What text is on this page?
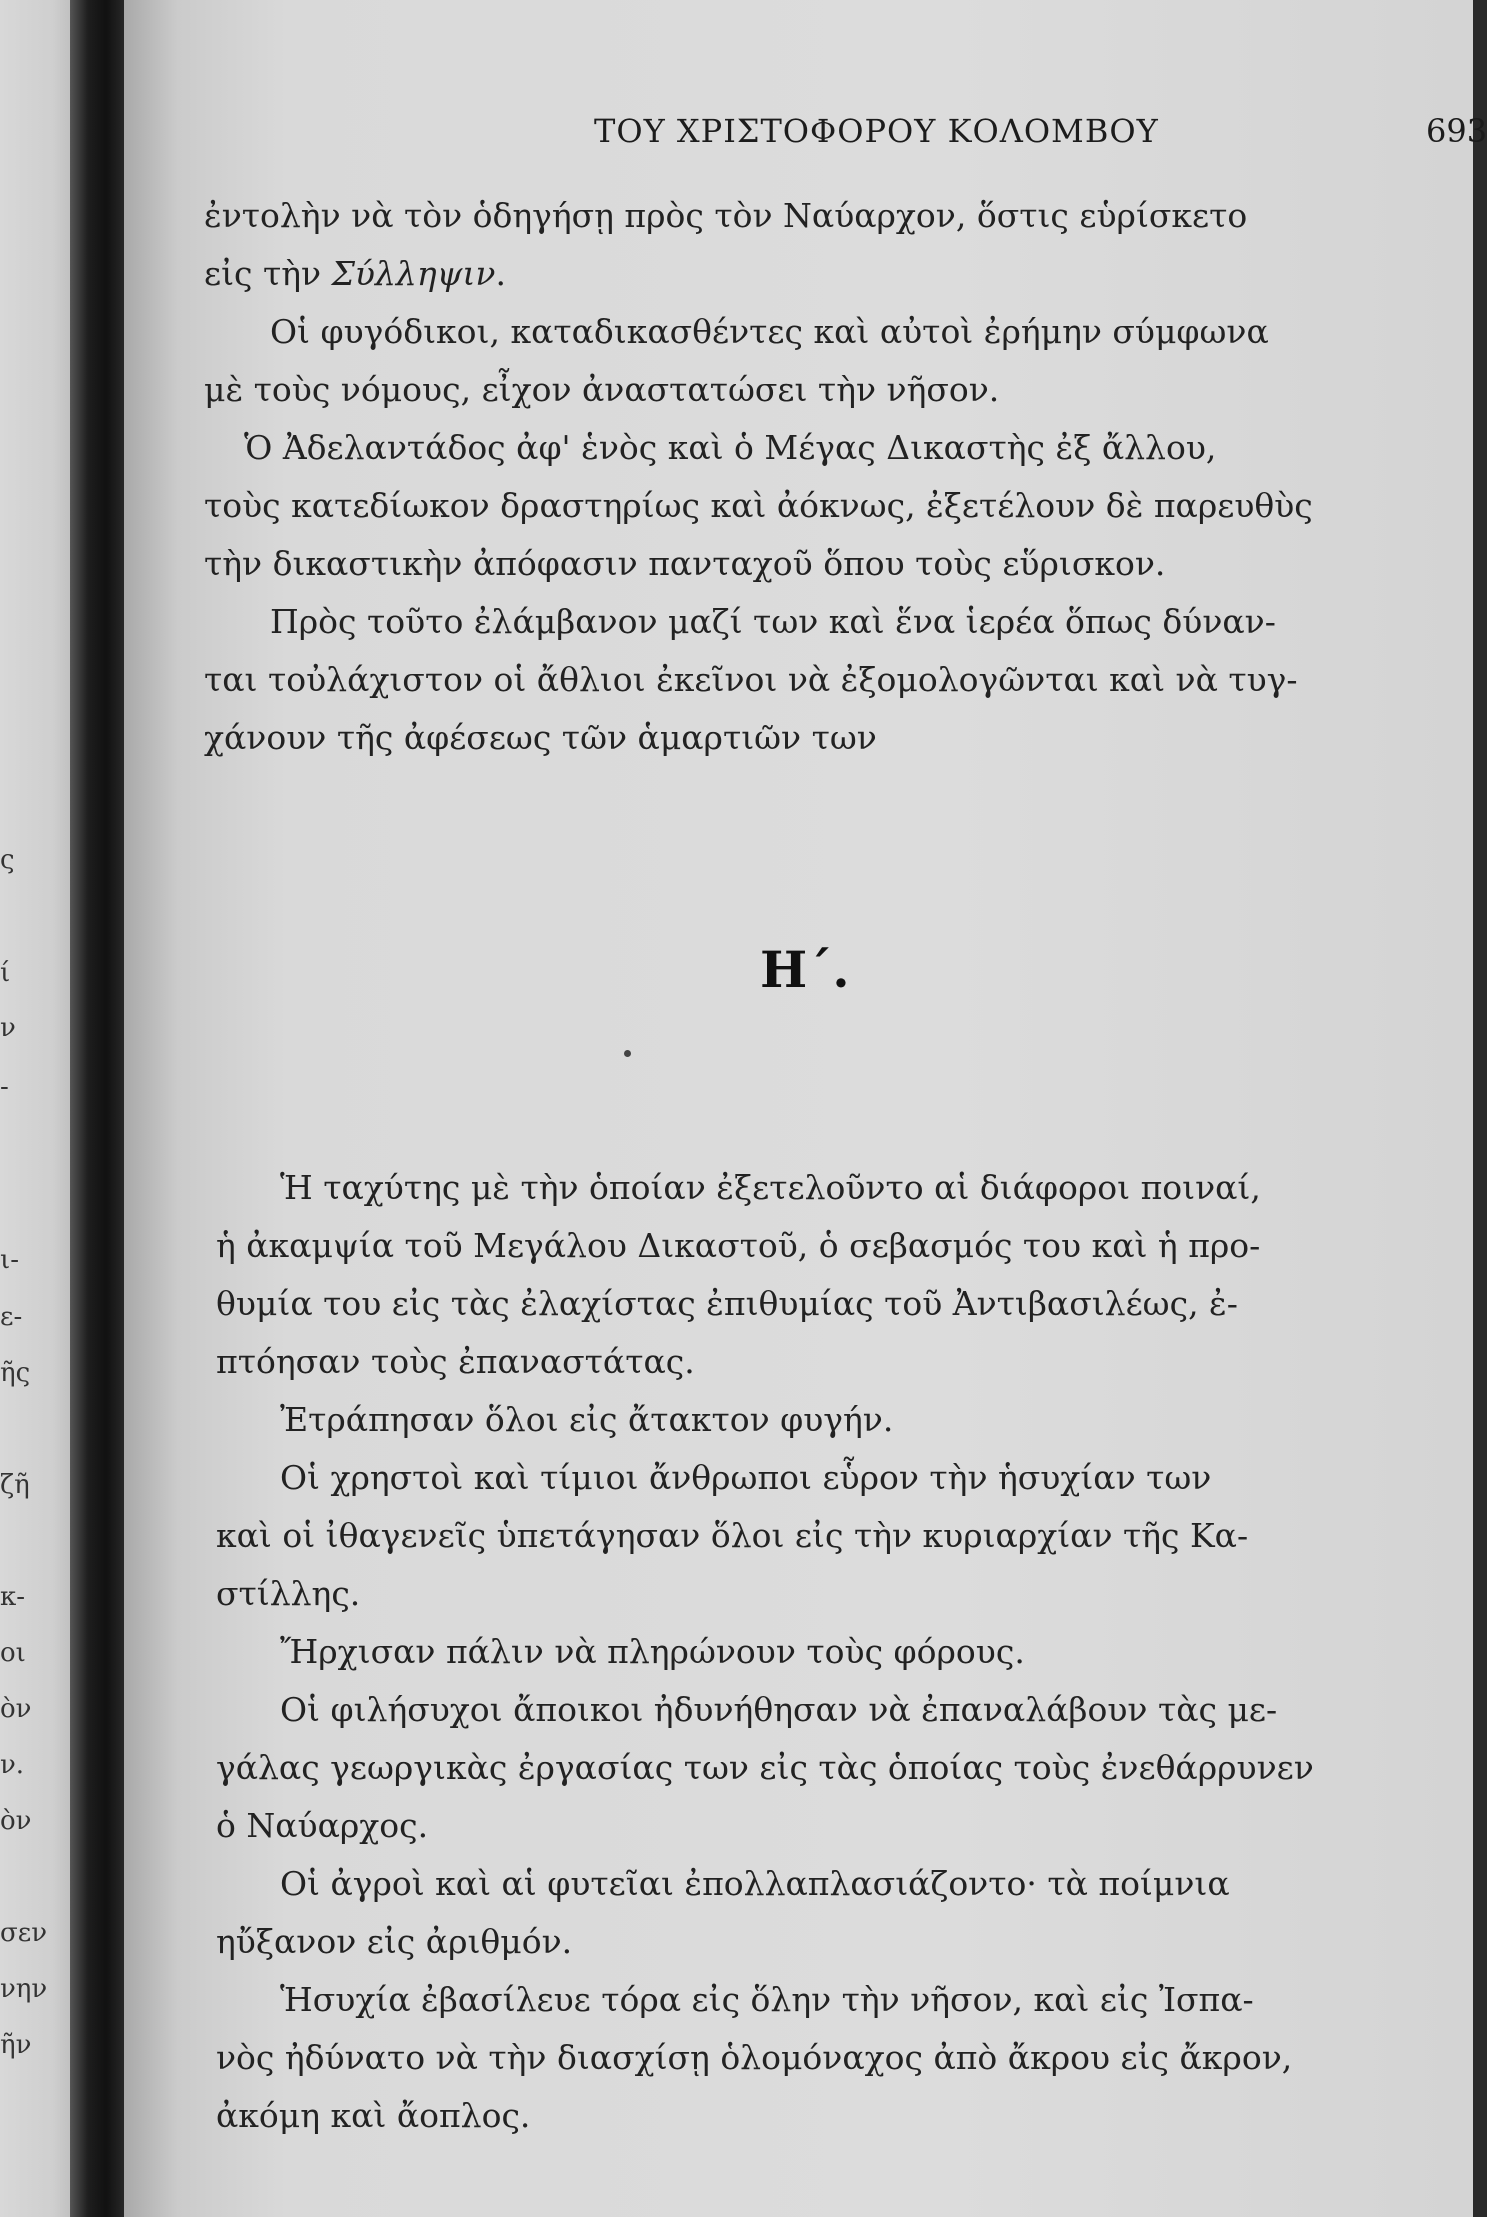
ς
ί
ν
-
ι-
ε-
ῆς
ζῆ
κ-
οι
ὸν
ν.
ὸν
σεν
νην
ῆν
ΤΟΥ ΧΡΙΣΤΟΦΟΡΟΥ ΚΟΛΟΜΒΟΥ	693
ἐντολὴν νὰ τὸν ὁδηγήσῃ πρὸς τὸν Ναύαρχον, ὅστις εὑρίσκετο
εἰς τὴν Σύλληψιν.
Οἱ φυγόδικοι, καταδικασθέντες καὶ αὐτοὶ ἐρήμην σύμφωνα
μὲ τοὺς νόμους, εἶχον ἀναστατώσει τὴν νῆσον.
Ὁ Ἀδελαντάδος ἀφ' ἑνὸς καὶ ὁ Μέγας Δικαστὴς ἐξ ἄλλου,
τοὺς κατεδίωκον δραστηρίως καὶ ἀόκνως, ἐξετέλουν δὲ παρευθὺς
τὴν δικαστικὴν ἀπόφασιν πανταχοῦ ὅπου τοὺς εὕρισκον.
Πρὸς τοῦτο ἐλάμβανον μαζί των καὶ ἕνα ἱερέα ὅπως δύναν-
ται τοὐλάχιστον οἱ ἄθλιοι ἐκεῖνοι νὰ ἐξομολογῶνται καὶ νὰ τυγ-
χάνουν τῆς ἀφέσεως τῶν ἁμαρτιῶν των
Η΄.
Ἡ ταχύτης μὲ τὴν ὁποίαν ἐξετελοῦντο αἱ διάφοροι ποιναί,
ἡ ἀκαμψία τοῦ Μεγάλου Δικαστοῦ, ὁ σεβασμός του καὶ ἡ προ-
θυμία του εἰς τὰς ἐλαχίστας ἐπιθυμίας τοῦ Ἀντιβασιλέως, ἐ-
πτόησαν τοὺς ἐπαναστάτας.
Ἐτράπησαν ὅλοι εἰς ἄτακτον φυγήν.
Οἱ χρηστοὶ καὶ τίμιοι ἄνθρωποι εὗρον τὴν ἡσυχίαν των
καὶ οἱ ἰθαγενεῖς ὑπετάγησαν ὅλοι εἰς τὴν κυριαρχίαν τῆς Κα-
στίλλης.
Ἤρχισαν πάλιν νὰ πληρώνουν τοὺς φόρους.
Οἱ φιλήσυχοι ἄποικοι ἠδυνήθησαν νὰ ἐπαναλάβουν τὰς με-
γάλας γεωργικὰς ἐργασίας των εἰς τὰς ὁποίας τοὺς ἐνεθάρρυνεν
ὁ Ναύαρχος.
Οἱ ἀγροὶ καὶ αἱ φυτεῖαι ἐπολλαπλασιάζοντο· τὰ ποίμνια
ηὔξανον εἰς ἀριθμόν.
Ἡσυχία ἐβασίλευε τόρα εἰς ὅλην τὴν νῆσον, καὶ εἰς Ἰσπα-
νὸς ἠδύνατο νὰ τὴν διασχίσῃ ὁλομόναχος ἀπὸ ἄκρου εἰς ἄκρον,
ἀκόμη καὶ ἄοπλος.
